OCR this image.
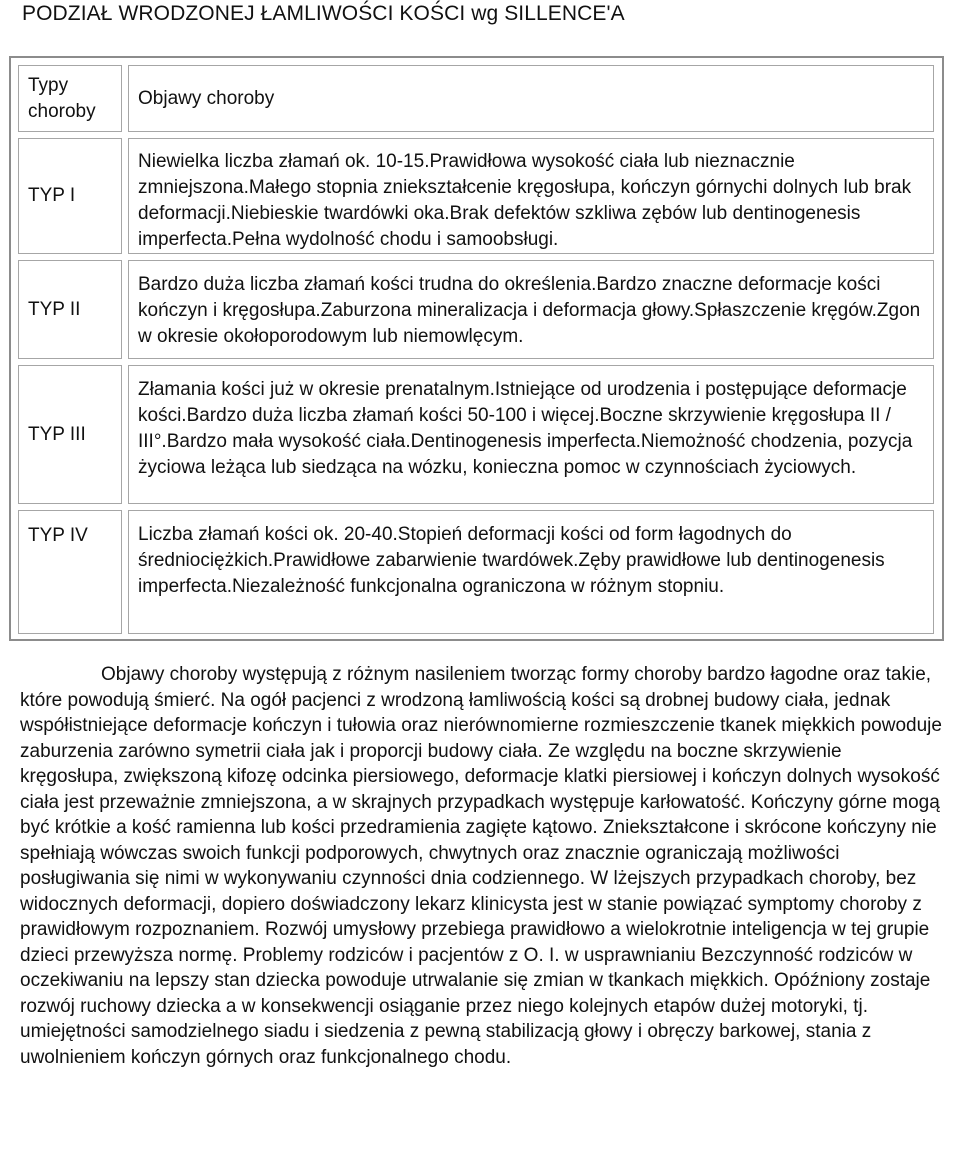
PODZIAŁ WRODZONEJ ŁAMLIWOŚCI KOŚCI wg SILLENCE'A
Typy choroby
Objawy choroby
TYP I
Niewielka liczba złamań ok. 10-15.Prawidłowa wysokość ciała lub nieznacznie zmniejszona.Małego stopnia zniekształcenie kręgosłupa, kończyn górnychi dolnych lub brak deformacji.Niebieskie twardówki oka.Brak defektów szkliwa zębów lub dentinogenesis imperfecta.Pełna wydolność chodu i samoobsługi.
TYP II
Bardzo duża liczba złamań kości trudna do określenia.Bardzo znaczne deformacje kości kończyn i kręgosłupa.Zaburzona mineralizacja i deformacja głowy.Spłaszczenie kręgów.Zgon w okresie okołoporodowym lub niemowlęcym.
TYP III
Złamania kości już w okresie prenatalnym.Istniejące od urodzenia i postępujące deformacje kości.Bardzo duża liczba złamań kości 50-100 i więcej.Boczne skrzywienie kręgosłupa II / III°.Bardzo mała wysokość ciała.Dentinogenesis imperfecta.Niemożność chodzenia, pozycja życiowa leżąca lub siedząca na wózku, konieczna pomoc w czynnościach życiowych.
TYP IV	Liczba złamań kości ok. 20-40.Stopień deformacji kości od form łagodnych do średniociężkich.Prawidłowe zabarwienie twardówek.Zęby prawidłowe lub dentinogenesis imperfecta.Niezależność funkcjonalna ograniczona w różnym stopniu.

Objawy choroby występują z różnym nasileniem tworząc formy choroby bardzo łagodne oraz takie, które powodują śmierć. Na ogół pacjenci z wrodzoną łamliwością kości są drobnej budowy ciała, jednak współistniejące deformacje kończyn i tułowia oraz nierównomierne rozmieszczenie tkanek miękkich powoduje zaburzenia zarówno symetrii ciała jak i proporcji budowy ciała. Ze względu na boczne skrzywienie kręgosłupa, zwiększoną kifozę odcinka piersiowego, deformacje klatki piersiowej i kończyn dolnych wysokość ciała jest przeważnie zmniejszona, a w skrajnych przypadkach występuje karłowatość. Kończyny górne mogą być krótkie a kość ramienna lub kości przedramienia zagięte kątowo. Zniekształcone i skrócone kończyny nie spełniają wówczas swoich funkcji podporowych, chwytnych oraz znacznie ograniczają możliwości posługiwania się nimi w wykonywaniu czynności dnia codziennego. W lżejszych przypadkach choroby, bez widocznych deformacji, dopiero doświadczony lekarz klinicysta jest w stanie powiązać symptomy choroby z prawidłowym rozpoznaniem. Rozwój umysłowy przebiega prawidłowo a wielokrotnie inteligencja w tej grupie dzieci przewyższa normę. Problemy rodziców i pacjentów z O. I. w usprawnianiu Bezczynność rodziców w oczekiwaniu na lepszy stan dziecka powoduje utrwalanie się zmian w tkankach miękkich. Opóźniony zostaje rozwój ruchowy dziecka a w konsekwencji osiąganie przez niego kolejnych etapów dużej motoryki, tj. umiejętności samodzielnego siadu i siedzenia z pewną stabilizacją głowy i obręczy barkowej, stania z uwolnieniem kończyn górnych oraz funkcjonalnego chodu.
